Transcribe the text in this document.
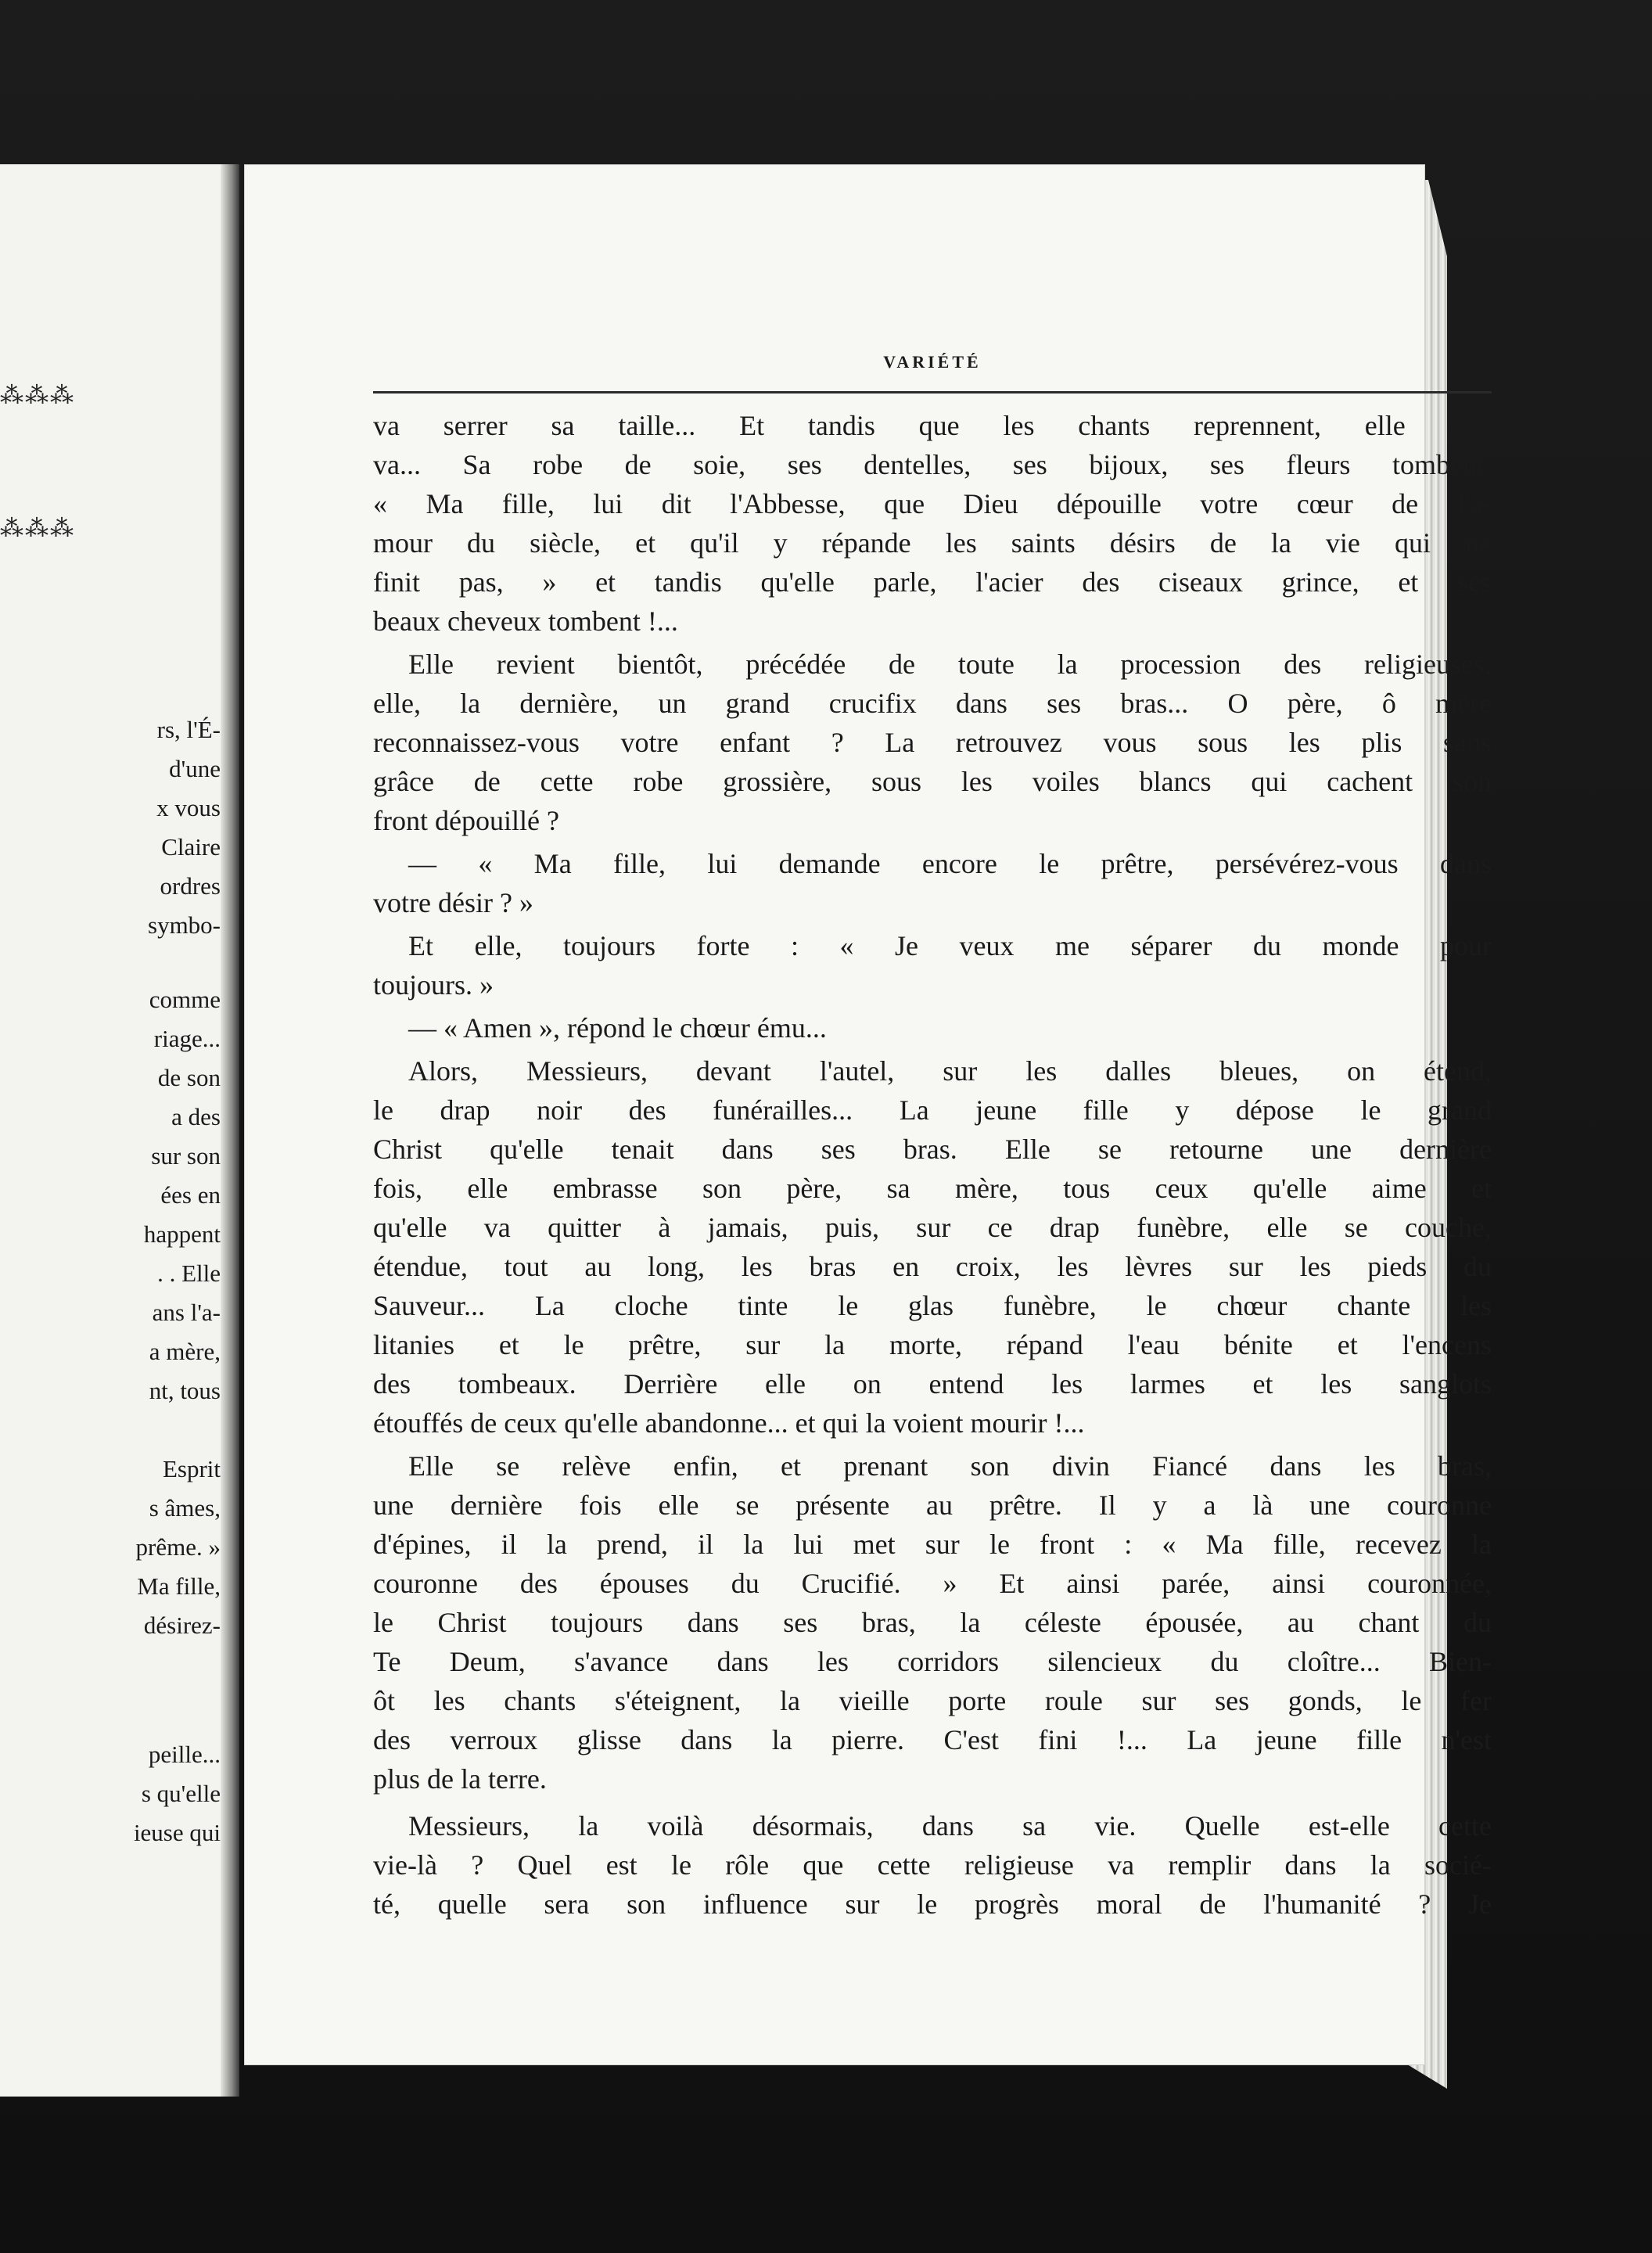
⁂⁂⁂
⁂⁂⁂
rs, l'É-
d'une
x vous
Claire
ordres
symbo-
comme
riage...
de son
a des
sur son
ées en
happent
. . Elle
ans l'a-
a mère,
nt, tous
Esprit
s âmes,
prême. »
Ma fille,
désirez-
peille...
s qu'elle
ieuse qui
VARIÉTÉ	509
va serrer sa taille... Et tandis que les chants reprennent, elle s'en
va... Sa robe de soie, ses dentelles, ses bijoux, ses fleurs tombent.
« Ma fille, lui dit l'Abbesse, que Dieu dépouille votre cœur de l'a-
mour du siècle, et qu'il y répande les saints désirs de la vie qui ne
finit pas, » et tandis qu'elle parle, l'acier des ciseaux grince, et ses
beaux cheveux tombent !...
Elle revient bientôt, précédée de toute la procession des religieuses,
elle, la dernière, un grand crucifix dans ses bras... O père, ô mère
reconnaissez-vous votre enfant ? La retrouvez vous sous les plis sans
grâce de cette robe grossière, sous les voiles blancs qui cachent son
front dépouillé ?
— « Ma fille, lui demande encore le prêtre, persévérez-vous dans
votre désir ? »
Et elle, toujours forte : « Je veux me séparer du monde pour
toujours. »
— « Amen », répond le chœur ému...
Alors, Messieurs, devant l'autel, sur les dalles bleues, on étend,
le drap noir des funérailles... La jeune fille y dépose le grand
Christ qu'elle tenait dans ses bras. Elle se retourne une dernière
fois, elle embrasse son père, sa mère, tous ceux qu'elle aime et
qu'elle va quitter à jamais, puis, sur ce drap funèbre, elle se couche,
étendue, tout au long, les bras en croix, les lèvres sur les pieds du
Sauveur... La cloche tinte le glas funèbre, le chœur chante les
litanies et le prêtre, sur la morte, répand l'eau bénite et l'encens
des tombeaux. Derrière elle on entend les larmes et les sanglots
étouffés de ceux qu'elle abandonne... et qui la voient mourir !...
Elle se relève enfin, et prenant son divin Fiancé dans les bras,
une dernière fois elle se présente au prêtre. Il y a là une couronne
d'épines, il la prend, il la lui met sur le front : « Ma fille, recevez la
couronne des épouses du Crucifié. » Et ainsi parée, ainsi couronnée,
le Christ toujours dans ses bras, la céleste épousée, au chant du
Te Deum, s'avance dans les corridors silencieux du cloître... Bien-
ôt les chants s'éteignent, la vieille porte roule sur ses gonds, le fer
des verroux glisse dans la pierre. C'est fini !... La jeune fille n'est
plus de la terre.
Messieurs, la voilà désormais, dans sa vie. Quelle est-elle cette
vie-là ? Quel est le rôle que cette religieuse va remplir dans la socié-
té, quelle sera son influence sur le progrès moral de l'humanité ? Je
